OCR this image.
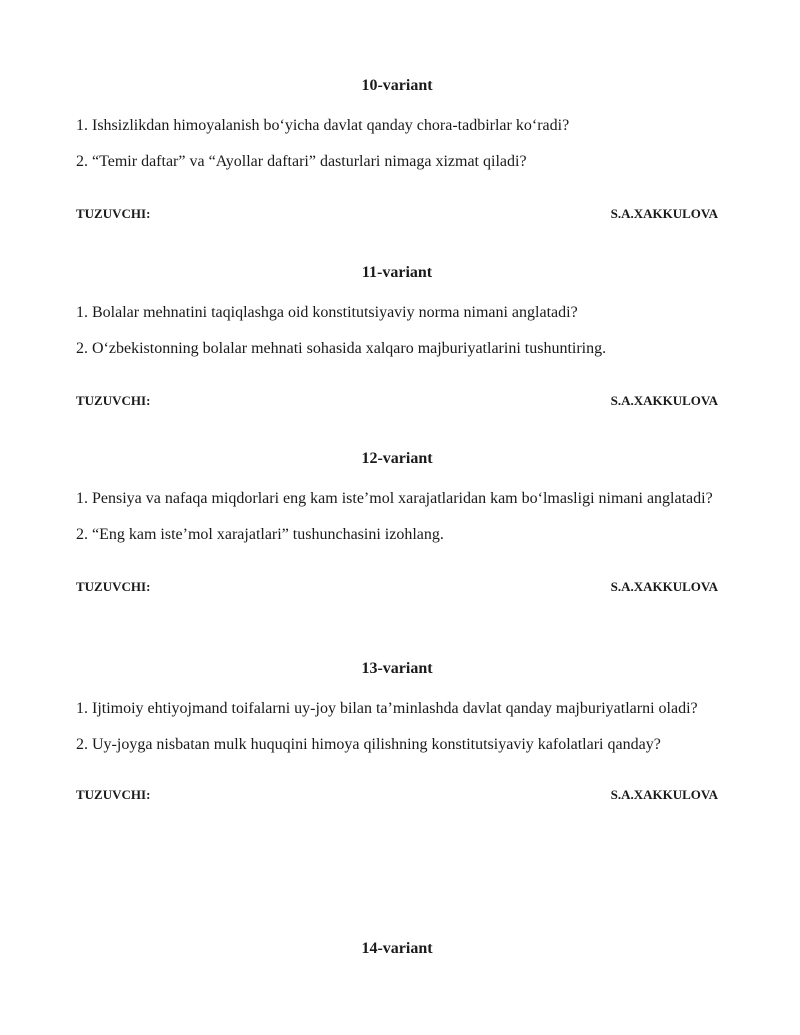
10-variant

1. Ishsizlikdan himoyalanish bo‘yicha davlat qanday chora-tadbirlar ko‘radi?

2. “Temir daftar” va “Ayollar daftari” dasturlari nimaga xizmat qiladi?

TUZUVCHI:	S.A.XAKKULOVA
11-variant

1. Bolalar mehnatini taqiqlashga oid konstitutsiyaviy norma nimani anglatadi?

2. O‘zbekistonning bolalar mehnati sohasida xalqaro majburiyatlarini tushuntiring.

TUZUVCHI:	S.A.XAKKULOVA
12-variant

1. Pensiya va nafaqa miqdorlari eng kam iste’mol xarajatlaridan kam bo‘lmasligi nimani anglatadi?

2. “Eng kam iste’mol xarajatlari” tushunchasini izohlang.

TUZUVCHI:	S.A.XAKKULOVA
13-variant

1. Ijtimoiy ehtiyojmand toifalarni uy-joy bilan ta’minlashda davlat qanday majburiyatlarni oladi?

2. Uy-joyga nisbatan mulk huquqini himoya qilishning konstitutsiyaviy kafolatlari qanday?

TUZUVCHI:	S.A.XAKKULOVA
14-variant
